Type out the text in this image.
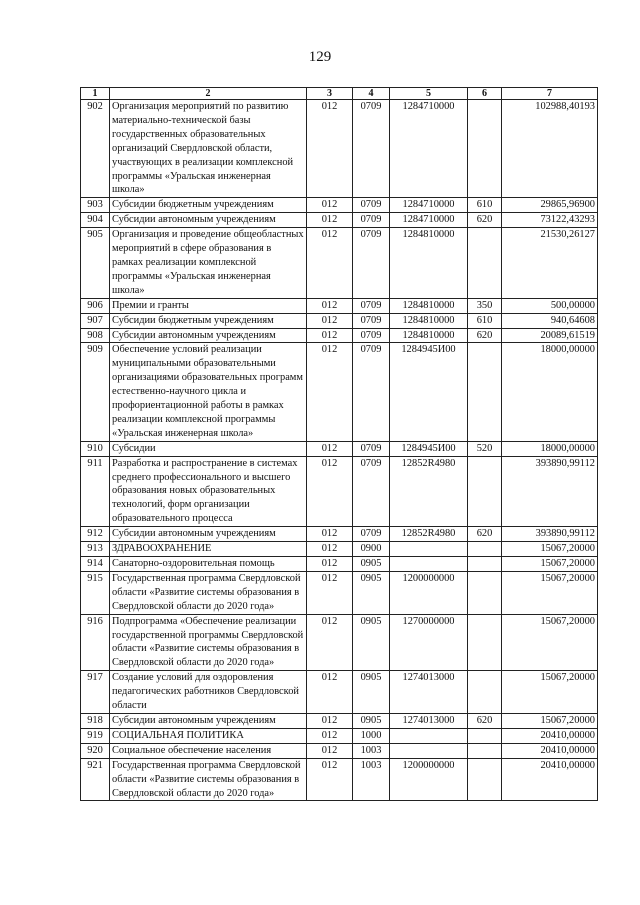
129
1	2	3	4	5	6	7
902	Организация мероприятий по развитию материально-технической базы государственных образовательных организаций Свердловской области, участвующих в реализации комплексной программы «Уральская инженерная школа»	012	0709	1284710000		102988,40193
903	Субсидии бюджетным учреждениям	012	0709	1284710000	610	29865,96900
904	Субсидии автономным учреждениям	012	0709	1284710000	620	73122,43293
905	Организация и проведение общеобластных мероприятий в сфере образования в рамках реализации комплексной программы «Уральская инженерная школа»	012	0709	1284810000		21530,26127
906	Премии и гранты	012	0709	1284810000	350	500,00000
907	Субсидии бюджетным учреждениям	012	0709	1284810000	610	940,64608
908	Субсидии автономным учреждениям	012	0709	1284810000	620	20089,61519
909	Обеспечение условий реализации муниципальными образовательными организациями образовательных программ естественно-научного цикла и профориентационной работы в рамках реализации комплексной программы «Уральская инженерная школа»	012	0709	1284945И00		18000,00000
910	Субсидии	012	0709	1284945И00	520	18000,00000
911	Разработка и распространение в системах среднего профессионального и высшего образования новых образовательных технологий, форм организации образовательного процесса	012	0709	12852R4980		393890,99112
912	Субсидии автономным учреждениям	012	0709	12852R4980	620	393890,99112
913	ЗДРАВООХРАНЕНИЕ	012	0900			15067,20000
914	Санаторно-оздоровительная помощь	012	0905			15067,20000
915	Государственная программа Свердловской области «Развитие системы образования в Свердловской области до 2020 года»	012	0905	1200000000		15067,20000
916	Подпрограмма «Обеспечение реализации государственной программы Свердловской области «Развитие системы образования в Свердловской области до 2020 года»	012	0905	1270000000		15067,20000
917	Создание условий для оздоровления педагогических работников Свердловской области	012	0905	1274013000		15067,20000
918	Субсидии автономным учреждениям	012	0905	1274013000	620	15067,20000
919	СОЦИАЛЬНАЯ ПОЛИТИКА	012	1000			20410,00000
920	Социальное обеспечение населения	012	1003			20410,00000
921	Государственная программа Свердловской области «Развитие системы образования в Свердловской области до 2020 года»	012	1003	1200000000		20410,00000
